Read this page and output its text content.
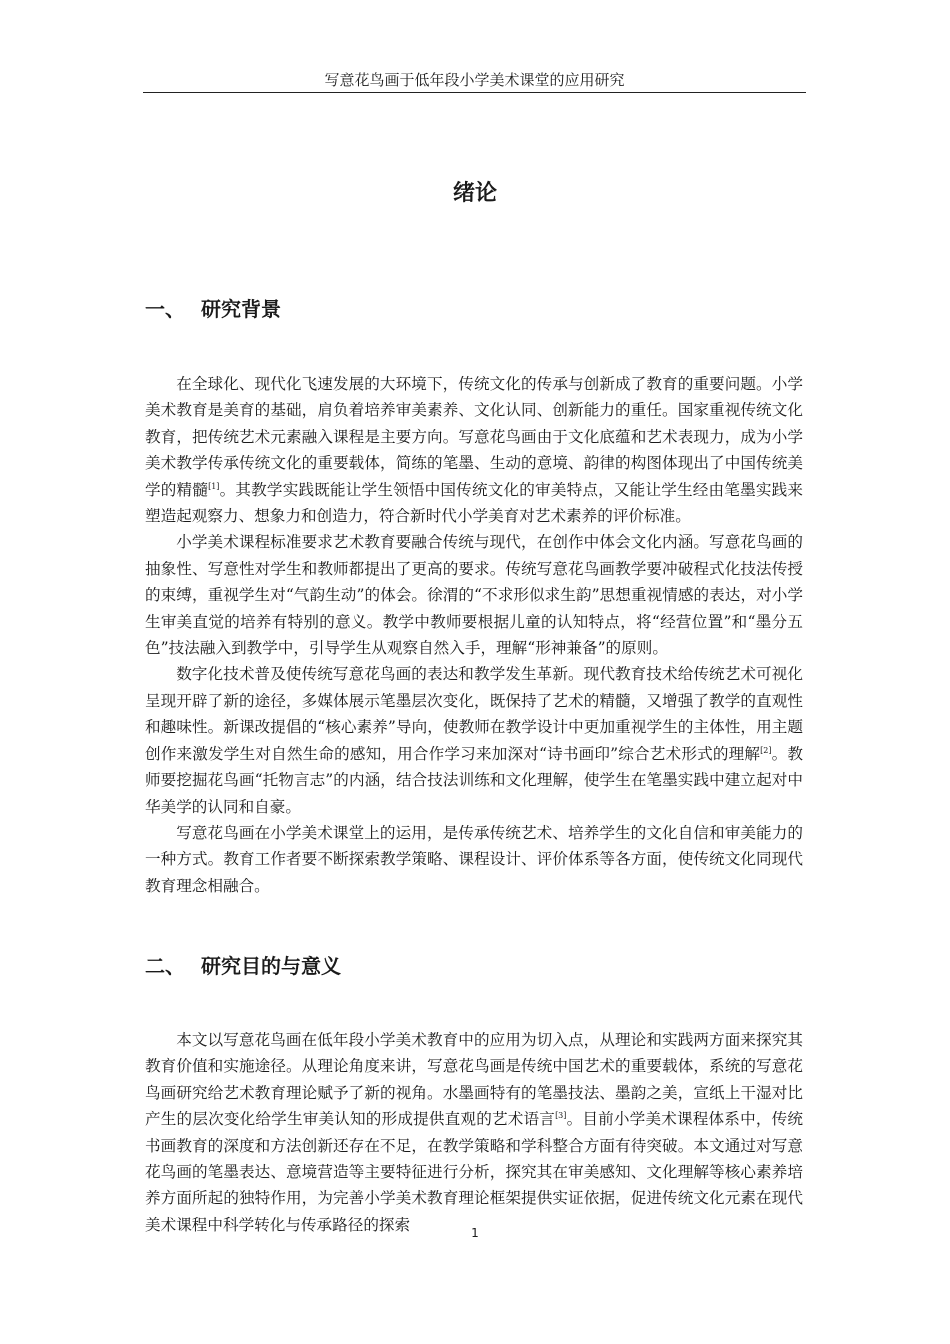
写意花鸟画于低年段小学美术课堂的应用研究
绪论
一、 研究背景

在全球化、现代化飞速发展的大环境下，传统文化的传承与创新成了教育的重要问题。小学美术教育是美育的基础，肩负着培养审美素养、文化认同、创新能力的重任。国家重视传统文化教育，把传统艺术元素融入课程是主要方向。写意花鸟画由于文化底蕴和艺术表现力，成为小学美术教学传承传统文化的重要载体，简练的笔墨、生动的意境、韵律的构图体现出了中国传统美学的精髓[1]。其教学实践既能让学生领悟中国传统文化的审美特点，又能让学生经由笔墨实践来塑造起观察力、想象力和创造力，符合新时代小学美育对艺术素养的评价标准。

小学美术课程标准要求艺术教育要融合传统与现代，在创作中体会文化内涵。写意花鸟画的抽象性、写意性对学生和教师都提出了更高的要求。传统写意花鸟画教学要冲破程式化技法传授的束缚，重视学生对“气韵生动”的体会。徐渭的“不求形似求生韵”思想重视情感的表达，对小学生审美直觉的培养有特别的意义。教学中教师要根据儿童的认知特点，将“经营位置”和“墨分五色”技法融入到教学中，引导学生从观察自然入手，理解“形神兼备”的原则。

数字化技术普及使传统写意花鸟画的表达和教学发生革新。现代教育技术给传统艺术可视化呈现开辟了新的途径，多媒体展示笔墨层次变化，既保持了艺术的精髓，又增强了教学的直观性和趣味性。新课改提倡的“核心素养”导向，使教师在教学设计中更加重视学生的主体性，用主题创作来激发学生对自然生命的感知，用合作学习来加深对“诗书画印”综合艺术形式的理解[2]。教师要挖掘花鸟画“托物言志”的内涵，结合技法训练和文化理解，使学生在笔墨实践中建立起对中华美学的认同和自豪。

写意花鸟画在小学美术课堂上的运用，是传承传统艺术、培养学生的文化自信和审美能力的一种方式。教育工作者要不断探索教学策略、课程设计、评价体系等各方面，使传统文化同现代教育理念相融合。

二、 研究目的与意义

本文以写意花鸟画在低年段小学美术教育中的应用为切入点，从理论和实践两方面来探究其教育价值和实施途径。从理论角度来讲，写意花鸟画是传统中国艺术的重要载体，系统的写意花鸟画研究给艺术教育理论赋予了新的视角。水墨画特有的笔墨技法、墨韵之美，宣纸上干湿对比产生的层次变化给学生审美认知的形成提供直观的艺术语言[3]。目前小学美术课程体系中，传统书画教育的深度和方法创新还存在不足，在教学策略和学科整合方面有待突破。本文通过对写意花鸟画的笔墨表达、意境营造等主要特征进行分析，探究其在审美感知、文化理解等核心素养培养方面所起的独特作用，为完善小学美术教育理论框架提供实证依据，促进传统文化元素在现代美术课程中科学转化与传承路径的探索	1
